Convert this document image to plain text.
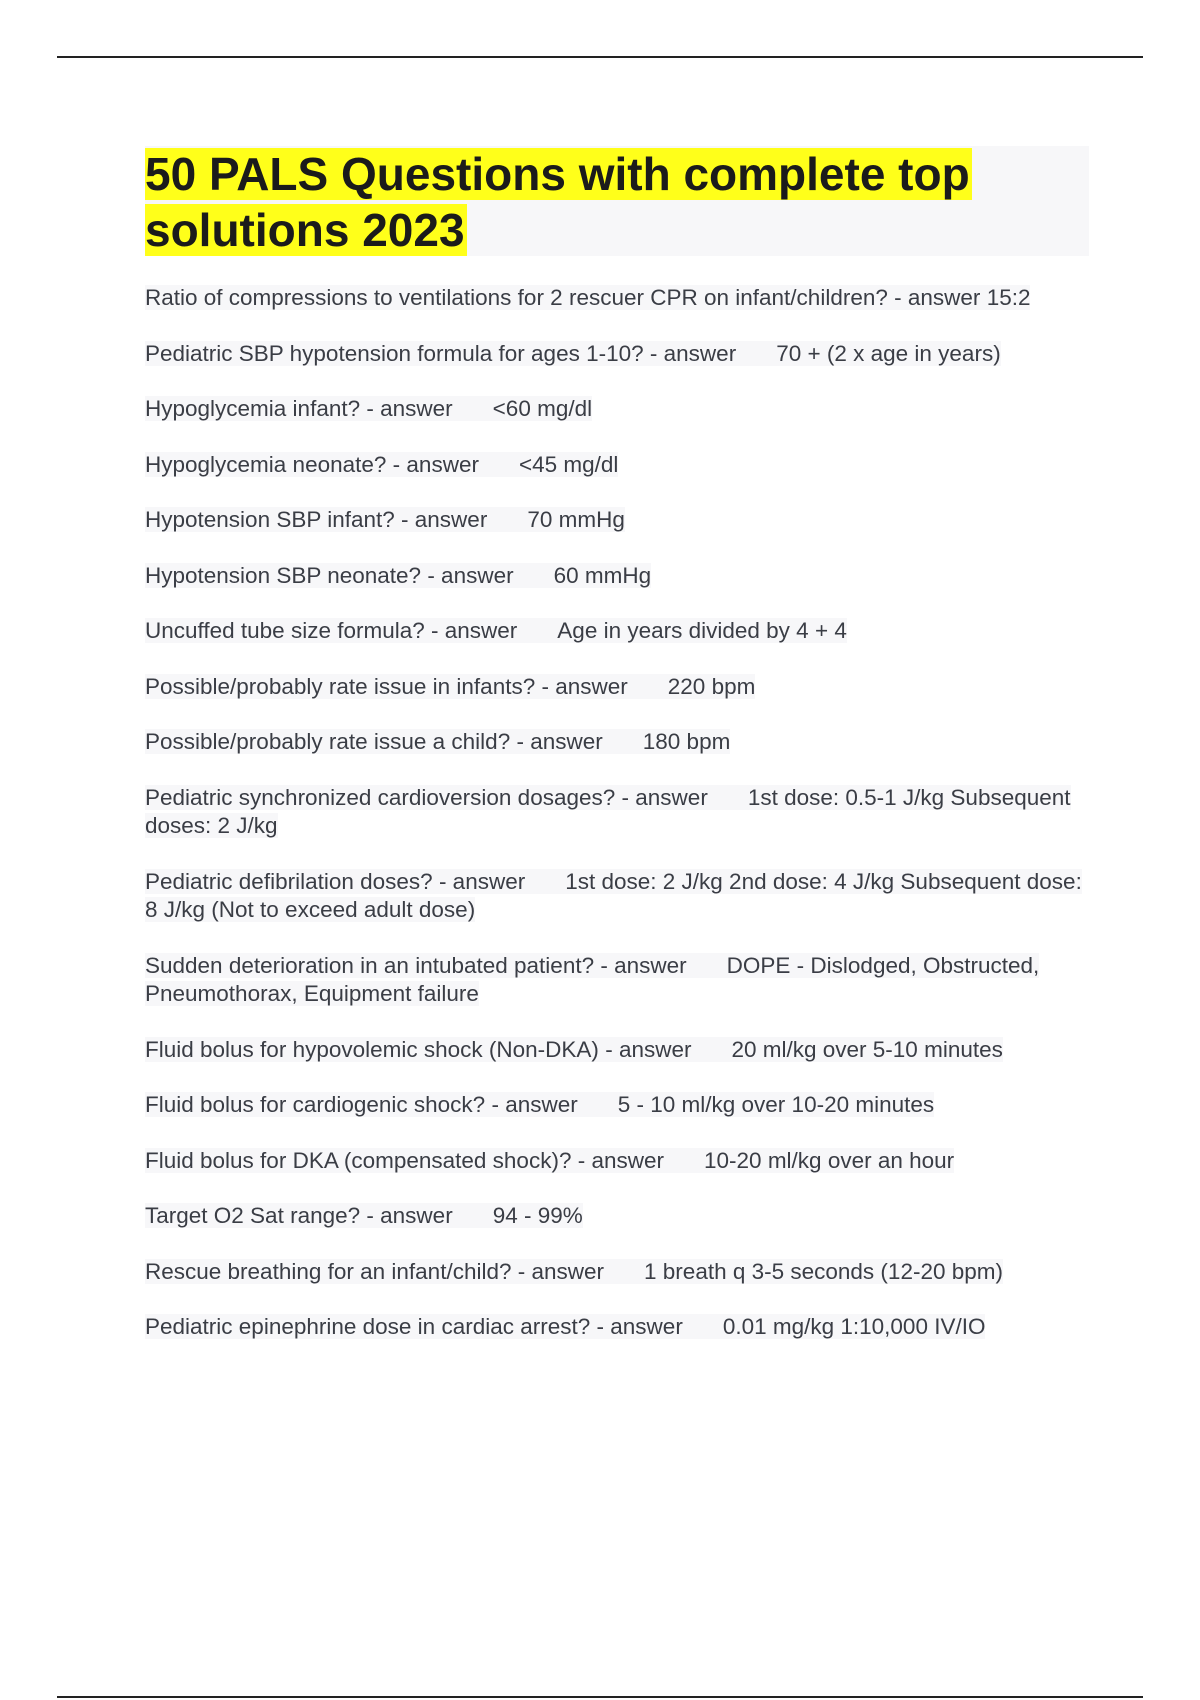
50 PALS Questions with complete top solutions 2023
Ratio of compressions to ventilations for 2 rescuer CPR on infant/children? - answer 15:2
Pediatric SBP hypotension formula for ages 1-10? - answer 70 + (2 x age in years)
Hypoglycemia infant? - answer <60 mg/dl
Hypoglycemia neonate? - answer <45 mg/dl
Hypotension SBP infant? - answer 70 mmHg
Hypotension SBP neonate? - answer 60 mmHg
Uncuffed tube size formula? - answer Age in years divided by 4 + 4
Possible/probably rate issue in infants? - answer 220 bpm
Possible/probably rate issue a child? - answer 180 bpm
Pediatric synchronized cardioversion dosages? - answer 1st dose: 0.5-1 J/kg Subsequent doses: 2 J/kg
Pediatric defibrilation doses? - answer 1st dose: 2 J/kg 2nd dose: 4 J/kg Subsequent dose: 8 J/kg (Not to exceed adult dose)
Sudden deterioration in an intubated patient? - answer DOPE - Dislodged, Obstructed, Pneumothorax, Equipment failure
Fluid bolus for hypovolemic shock (Non-DKA) - answer 20 ml/kg over 5-10 minutes
Fluid bolus for cardiogenic shock? - answer 5 - 10 ml/kg over 10-20 minutes
Fluid bolus for DKA (compensated shock)? - answer 10-20 ml/kg over an hour
Target O2 Sat range? - answer 94 - 99%
Rescue breathing for an infant/child? - answer 1 breath q 3-5 seconds (12-20 bpm)
Pediatric epinephrine dose in cardiac arrest? - answer 0.01 mg/kg 1:10,000 IV/IO
